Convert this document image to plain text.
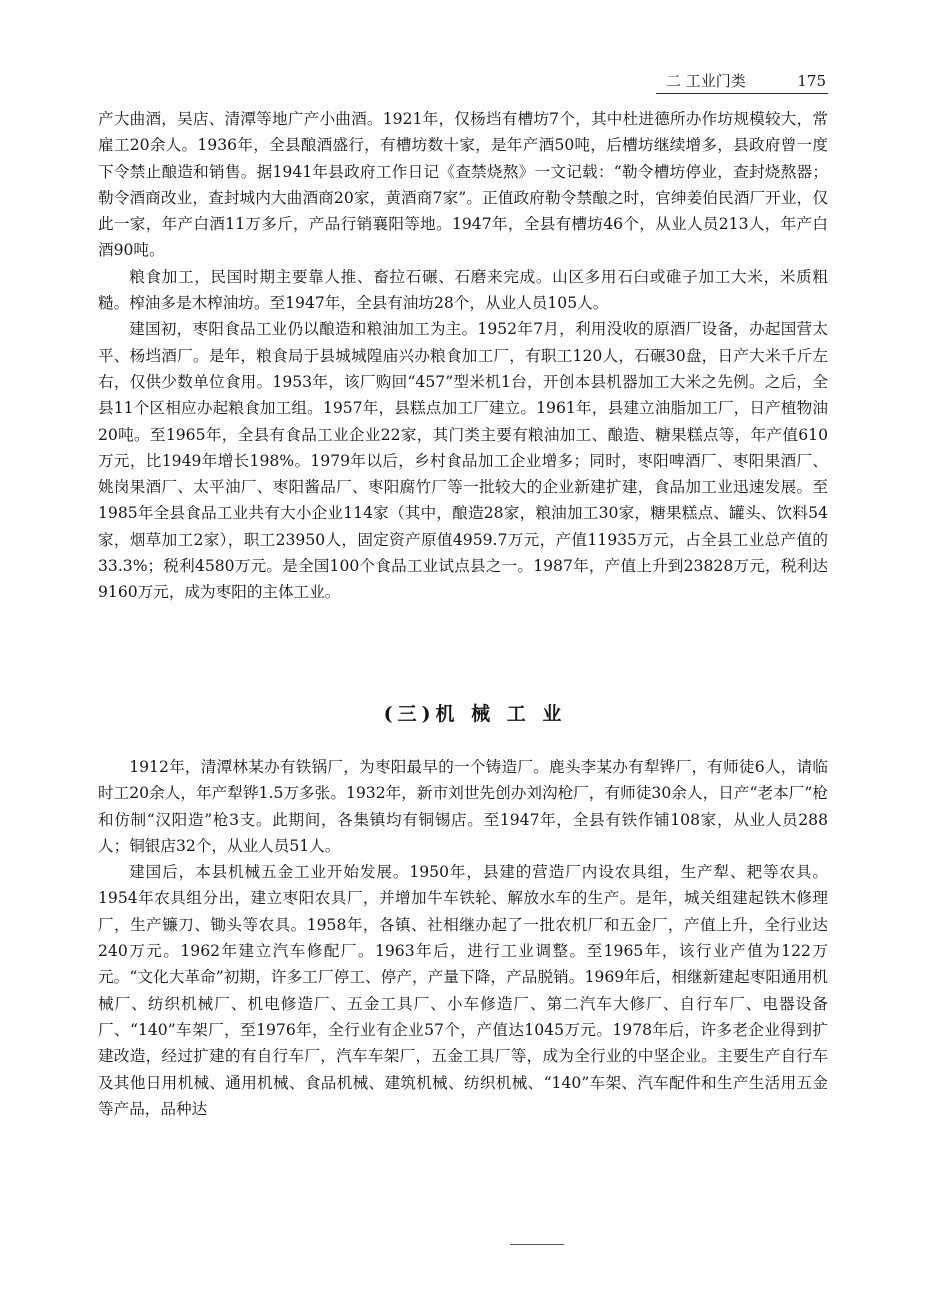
二 工业门类	175

产大曲酒，吴店、清潭等地广产小曲酒。1921年，仅杨垱有槽坊7个，其中杜进德所办作坊规模较大，常雇工20余人。1936年，全县酿酒盛行，有槽坊数十家，是年产酒50吨，后槽坊继续增多，县政府曾一度下令禁止酿造和销售。据1941年县政府工作日记《查禁烧熬》一文记载：“勒令槽坊停业，查封烧熬器；勒令酒商改业，查封城内大曲酒商20家，黄酒商7家”。正值政府勒令禁酿之时，官绅姜伯民酒厂开业，仅此一家，年产白酒11万多斤，产品行销襄阳等地。1947年，全县有槽坊46个，从业人员213人，年产白酒90吨。

粮食加工，民国时期主要靠人推、畜拉石碾、石磨来完成。山区多用石臼或碓子加工大米，米质粗糙。榨油多是木榨油坊。至1947年，全县有油坊28个，从业人员105人。

建国初，枣阳食品工业仍以酿造和粮油加工为主。1952年7月，利用没收的原酒厂设备，办起国营太平、杨垱酒厂。是年，粮食局于县城城隍庙兴办粮食加工厂，有职工120人，石碾30盘，日产大米千斤左右，仅供少数单位食用。1953年，该厂购回“457”型米机1台，开创本县机器加工大米之先例。之后，全县11个区相应办起粮食加工组。1957年，县糕点加工厂建立。1961年，县建立油脂加工厂，日产植物油20吨。至1965年，全县有食品工业企业22家，其门类主要有粮油加工、酿造、糖果糕点等，年产值610万元，比1949年增长198%。1979年以后，乡村食品加工企业增多；同时，枣阳啤酒厂、枣阳果酒厂、姚岗果酒厂、太平油厂、枣阳酱品厂、枣阳腐竹厂等一批较大的企业新建扩建，食品加工业迅速发展。至1985年全县食品工业共有大小企业114家（其中，酿造28家，粮油加工30家，糖果糕点、罐头、饮料54家，烟草加工2家），职工23950人，固定资产原值4959.7万元，产值11935万元，占全县工业总产值的33.3%；税利4580万元。是全国100个食品工业试点县之一。1987年，产值上升到23828万元，税利达9160万元，成为枣阳的主体工业。

(三)机 械 工 业

1912年，清潭林某办有铁锅厂，为枣阳最早的一个铸造厂。鹿头李某办有犁铧厂，有师徒6人，请临时工20余人，年产犁铧1.5万多张。1932年，新市刘世先创办刘沟枪厂，有师徒30余人，日产“老本厂”枪和仿制“汉阳造”枪3支。此期间，各集镇均有铜锡店。至1947年，全县有铁作铺108家，从业人员288人；铜银店32个，从业人员51人。

建国后，本县机械五金工业开始发展。1950年，县建的营造厂内设农具组，生产犁、耙等农具。1954年农具组分出，建立枣阳农具厂，并增加牛车铁轮、解放水车的生产。是年，城关组建起铁木修理厂，生产镰刀、锄头等农具。1958年，各镇、社相继办起了一批农机厂和五金厂，产值上升，全行业达240万元。1962年建立汽车修配厂。1963年后，进行工业调整。至1965年，该行业产值为122万元。“文化大革命”初期，许多工厂停工、停产，产量下降，产品脱销。1969年后，相继新建起枣阳通用机械厂、纺织机械厂、机电修造厂、五金工具厂、小车修造厂、第二汽车大修厂、自行车厂、电器设备厂、“140”车架厂，至1976年，全行业有企业57个，产值达1045万元。1978年后，许多老企业得到扩建改造，经过扩建的有自行车厂，汽车车架厂，五金工具厂等，成为全行业的中坚企业。主要生产自行车及其他日用机械、通用机械、食品机械、建筑机械、纺织机械、“140”车架、汽车配件和生产生活用五金等产品，品种达
